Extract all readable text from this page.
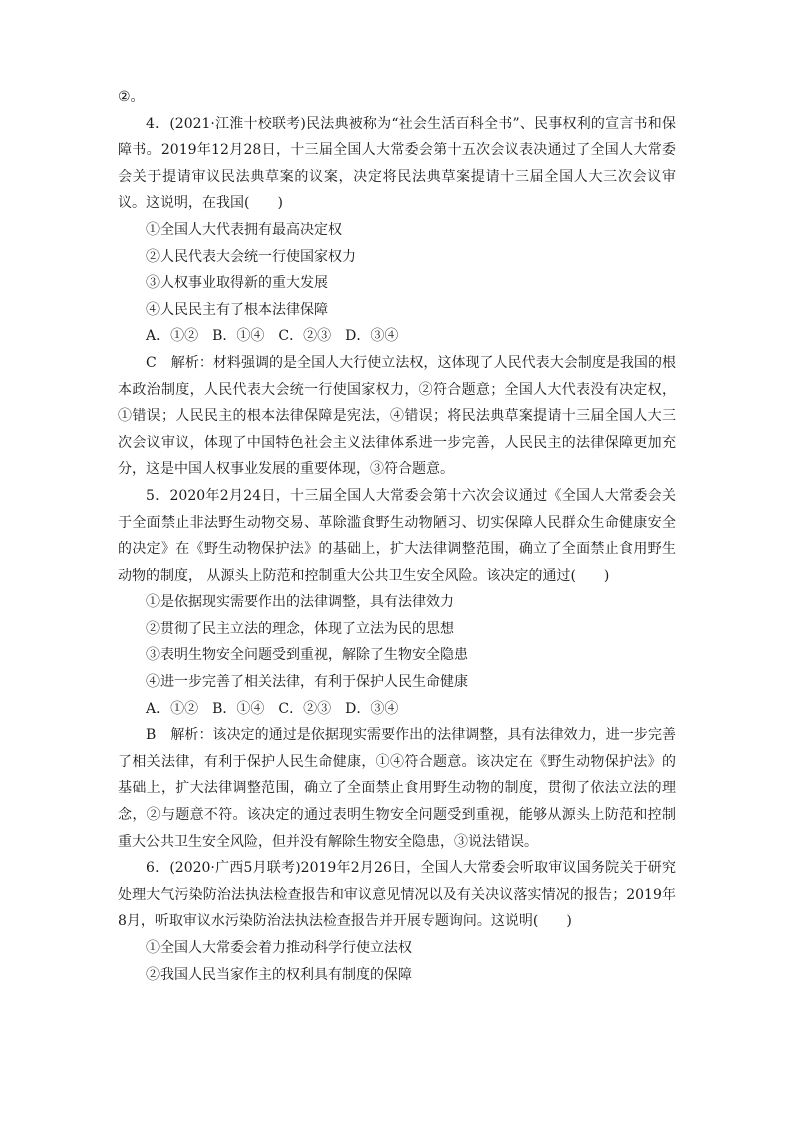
②。

4．(2021·江淮十校联考)民法典被称为“社会生活百科全书”、民事权利的宣言书和保障书。2019年12月28日，十三届全国人大常委会第十五次会议表决通过了全国人大常委会关于提请审议民法典草案的议案，决定将民法典草案提请十三届全国人大三次会议审议。这说明，在我国(　　)

①全国人大代表拥有最高决定权

②人民代表大会统一行使国家权力

③人权事业取得新的重大发展

④人民民主有了根本法律保障

A．①②　B．①④　C．②③　D．③④

C　解析：材料强调的是全国人大行使立法权，这体现了人民代表大会制度是我国的根本政治制度，人民代表大会统一行使国家权力，②符合题意；全国人大代表没有决定权，①错误；人民民主的根本法律保障是宪法，④错误；将民法典草案提请十三届全国人大三次会议审议，体现了中国特色社会主义法律体系进一步完善，人民民主的法律保障更加充分，这是中国人权事业发展的重要体现，③符合题意。

5．2020年2月24日，十三届全国人大常委会第十六次会议通过《全国人大常委会关于全面禁止非法野生动物交易、革除滥食野生动物陋习、切实保障人民群众生命健康安全的决定》在《野生动物保护法》的基础上，扩大法律调整范围，确立了全面禁止食用野生动物的制度， 从源头上防范和控制重大公共卫生安全风险。该决定的通过(　　)

①是依据现实需要作出的法律调整，具有法律效力

②贯彻了民主立法的理念，体现了立法为民的思想

③表明生物安全问题受到重视，解除了生物安全隐患

④进一步完善了相关法律，有利于保护人民生命健康

A．①②　B．①④　C．②③　D．③④

B　解析：该决定的通过是依据现实需要作出的法律调整，具有法律效力，进一步完善了相关法律，有利于保护人民生命健康，①④符合题意。该决定在《野生动物保护法》的基础上，扩大法律调整范围，确立了全面禁止食用野生动物的制度，贯彻了依法立法的理念，②与题意不符。该决定的通过表明生物安全问题受到重视，能够从源头上防范和控制重大公共卫生安全风险，但并没有解除生物安全隐患，③说法错误。

6．(2020·广西5月联考)2019年2月26日，全国人大常委会听取审议国务院关于研究处理大气污染防治法执法检查报告和审议意见情况以及有关决议落实情况的报告；2019年8月，听取审议水污染防治法执法检查报告并开展专题询问。这说明(　　)

①全国人大常委会着力推动科学行使立法权

②我国人民当家作主的权利具有制度的保障
